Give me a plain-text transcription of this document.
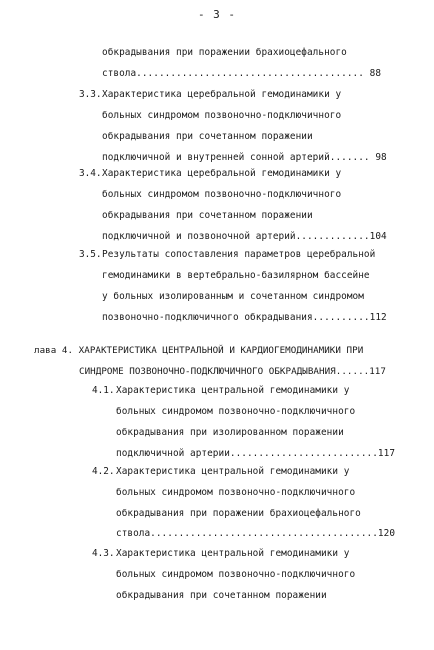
- 3 -
обкрадывания при поражении брахиоцефального
ствола........................................ 88
3.3. Характеристика церебральной гемодинамики у
больных синдромом позвоночно-подключичного
обкрадывания при сочетанном поражении
подключичной и внутренней сонной артерий....... 98
3.4. Характеристика церебральной гемодинамики у
больных синдромом позвоночно-подключичного
обкрадывания при сочетанном поражении
подключичной и позвоночной артерий.............104
3.5. Результаты сопоставления параметров церебральной
гемодинамики в вертебрально-базилярном бассейне
у больных изолированным и сочетанном синдромом
позвоночно-подключичного обкрадывания..........112
лава 4. ХАРАКТЕРИСТИКА ЦЕНТРАЛЬНОЙ И КАРДИОГЕМОДИНАМИКИ ПРИ
СИНДРОМЕ ПОЗВОНОЧНО-ПОДКЛЮЧИЧНОГО ОБКРАДЫВАНИЯ......117
4.1. Характеристика центральной гемодинамики у
больных синдромом позвоночно-подключичного
обкрадывания при изолированном поражении
подключичной артерии..........................117
4.2. Характеристика центральной гемодинамики у
больных синдромом позвоночно-подключичного
обкрадывания при поражении брахиоцефального
ствола........................................120
4.3. Характеристика центральной гемодинамики у
больных синдромом позвоночно-подключичного
обкрадывания при сочетанном поражении
